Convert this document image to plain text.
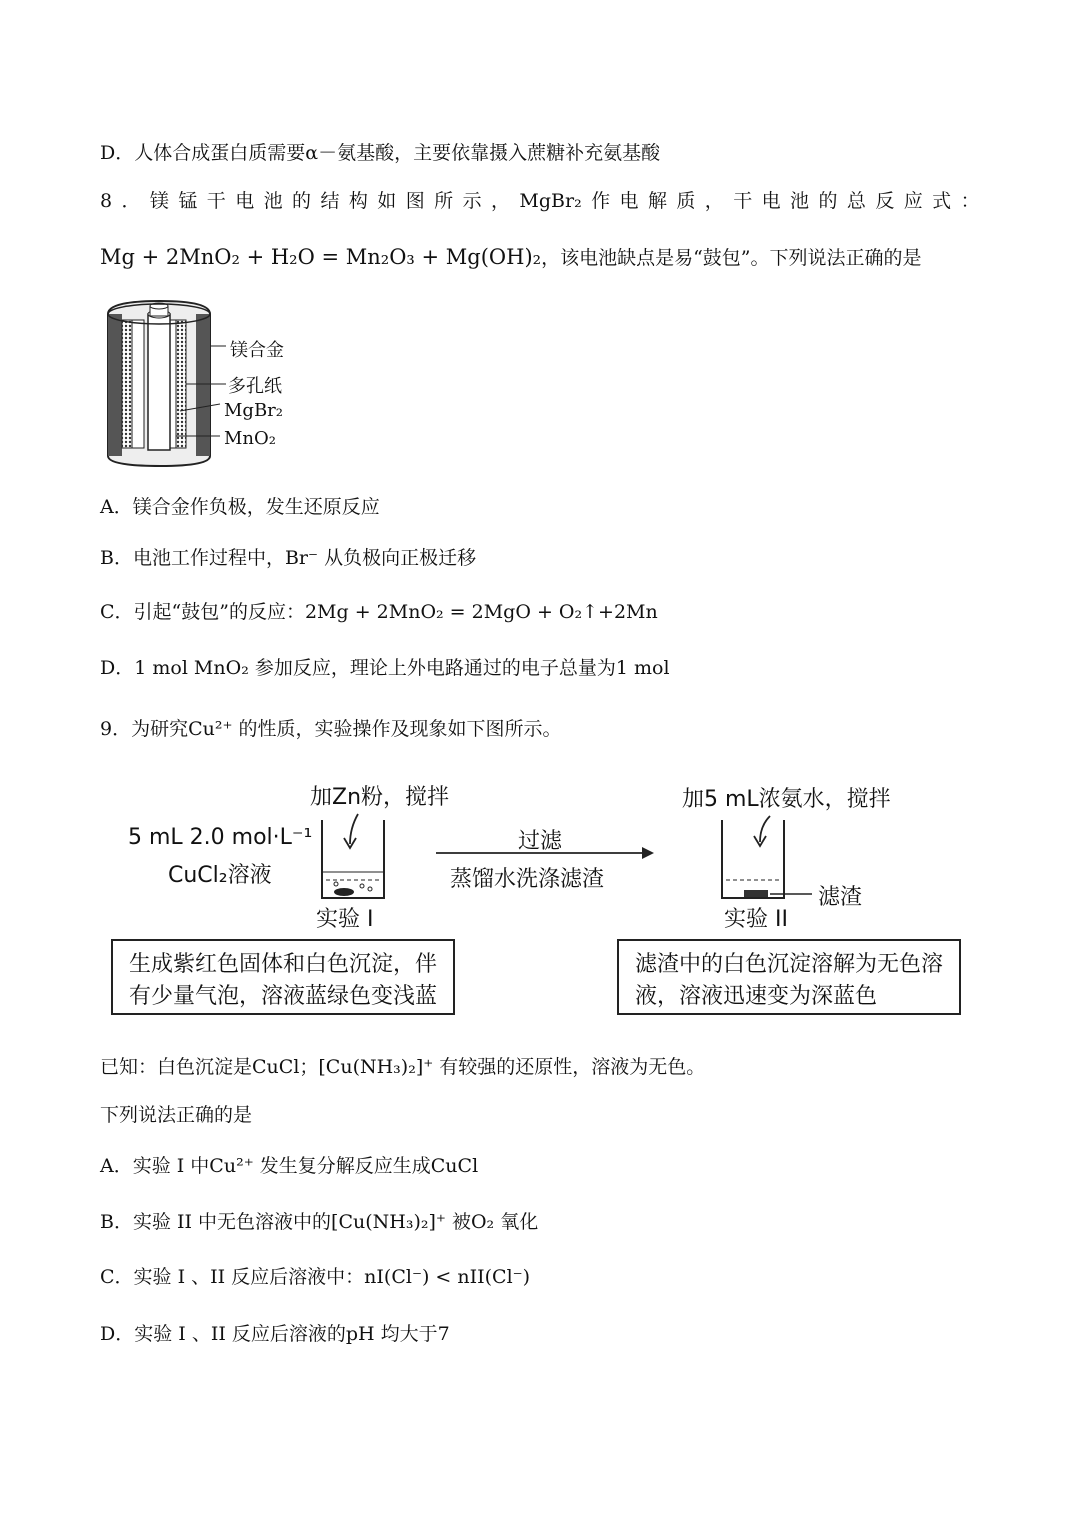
D．人体合成蛋白质需要α－氨基酸，主要依靠摄入蔗糖补充氨基酸
8 ． 镁 锰 干 电 池 的 结 构 如 图 所 示 ， MgBr₂ 作 电 解 质 ， 干 电 池 的 总 反 应 式 ：
Mg + 2MnO₂ + H₂O = Mn₂O₃ + Mg(OH)₂，该电池缺点是易“鼓包”。下列说法正确的是
镁合金
多孔纸
MgBr₂
MnO₂
A．镁合金作负极，发生还原反应
B．电池工作过程中，Br⁻ 从负极向正极迁移
C．引起“鼓包”的反应：2Mg + 2MnO₂ = 2MgO + O₂↑+2Mn
D．1 mol MnO₂ 参加反应，理论上外电路通过的电子总量为1 mol
9．为研究Cu²⁺ 的性质，实验操作及现象如下图所示。
加Zn粉，搅拌
5 mL 2.0 mol·L⁻¹
CuCl₂溶液
实验 I
过滤
蒸馏水洗涤滤渣
加5 mL浓氨水，搅拌
滤渣
实验 II
生成紫红色固体和白色沉淀，伴有少量气泡，溶液蓝绿色变浅蓝
滤渣中的白色沉淀溶解为无色溶液，溶液迅速变为深蓝色
已知：白色沉淀是CuCl；[Cu(NH₃)₂]⁺ 有较强的还原性，溶液为无色。
下列说法正确的是
A．实验 I 中Cu²⁺ 发生复分解反应生成CuCl
B．实验 II 中无色溶液中的[Cu(NH₃)₂]⁺ 被O₂ 氧化
C．实验 I 、II 反应后溶液中：nI(Cl⁻) < nII(Cl⁻)
D．实验 I 、II 反应后溶液的pH 均大于7
